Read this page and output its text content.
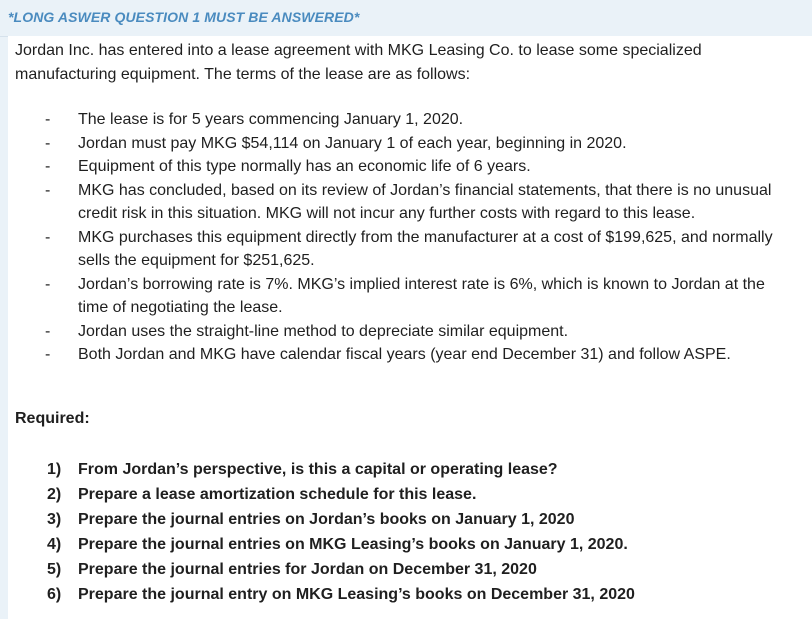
*LONG ASWER QUESTION 1 MUST BE ANSWERED*
Jordan Inc. has entered into a lease agreement with MKG Leasing Co. to lease some specialized manufacturing equipment. The terms of the lease are as follows:
- The lease is for 5 years commencing January 1, 2020.
- Jordan must pay MKG $54,114 on January 1 of each year, beginning in 2020.
- Equipment of this type normally has an economic life of 6 years.
- MKG has concluded, based on its review of Jordan’s financial statements, that there is no unusual credit risk in this situation. MKG will not incur any further costs with regard to this lease.
- MKG purchases this equipment directly from the manufacturer at a cost of $199,625, and normally sells the equipment for $251,625.
- Jordan’s borrowing rate is 7%. MKG’s implied interest rate is 6%, which is known to Jordan at the time of negotiating the lease.
- Jordan uses the straight-line method to depreciate similar equipment.
- Both Jordan and MKG have calendar fiscal years (year end December 31) and follow ASPE.
Required:
1) From Jordan’s perspective, is this a capital or operating lease?
2) Prepare a lease amortization schedule for this lease.
3) Prepare the journal entries on Jordan’s books on January 1, 2020
4) Prepare the journal entries on MKG Leasing’s books on January 1, 2020.
5) Prepare the journal entries for Jordan on December 31, 2020
6) Prepare the journal entry on MKG Leasing’s books on December 31, 2020
